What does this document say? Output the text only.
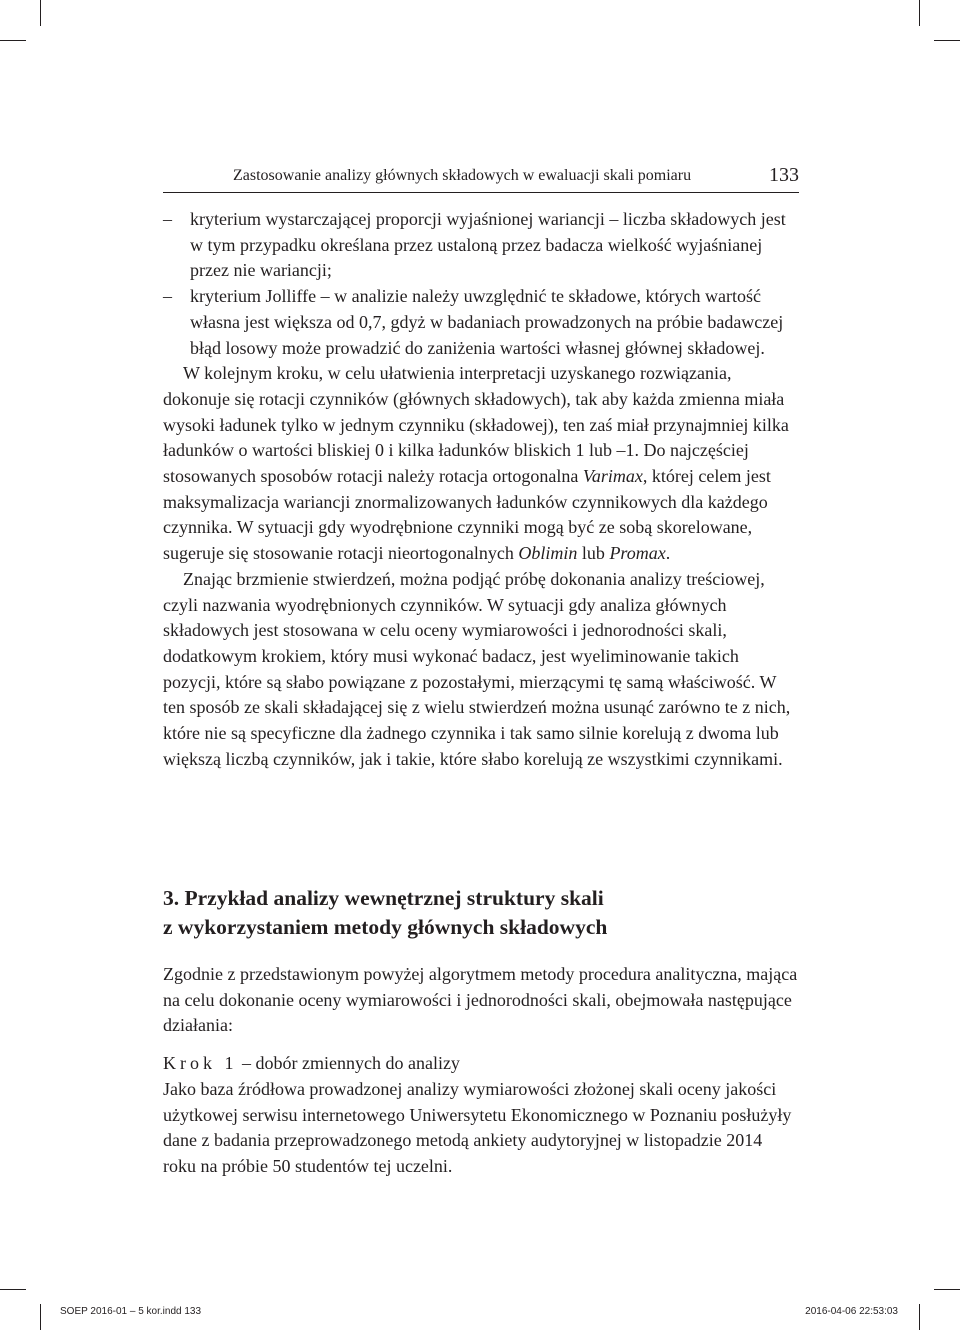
Zastosowanie analizy głównych składowych w ewaluacji skali pomiaru	133
– kryterium wystarczającej proporcji wyjaśnionej wariancji – liczba składowych jest w tym przypadku określana przez ustaloną przez badacza wielkość wyjaśnianej przez nie wariancji;

– kryterium Jolliffe – w analizie należy uwzględnić te składowe, których wartość własna jest większa od 0,7, gdyż w badaniach prowadzonych na próbie badawczej błąd losowy może prowadzić do zaniżenia wartości własnej głównej składowej.

W kolejnym kroku, w celu ułatwienia interpretacji uzyskanego rozwiązania, dokonuje się rotacji czynników (głównych składowych), tak aby każda zmienna miała wysoki ładunek tylko w jednym czynniku (składowej), ten zaś miał przynajmniej kilka ładunków o wartości bliskiej 0 i kilka ładunków bliskich 1 lub –1. Do najczęściej stosowanych sposobów rotacji należy rotacja ortogonalna Varimax, której celem jest maksymalizacja wariancji znormalizowanych ładunków czynnikowych dla każdego czynnika. W sytuacji gdy wyodrębnione czynniki mogą być ze sobą skorelowane, sugeruje się stosowanie rotacji nieortogonalnych Oblimin lub Promax.

Znając brzmienie stwierdzeń, można podjąć próbę dokonania analizy treściowej, czyli nazwania wyodrębnionych czynników. W sytuacji gdy analiza głównych składowych jest stosowana w celu oceny wymiarowości i jednorodności skali, dodatkowym krokiem, który musi wykonać badacz, jest wyeliminowanie takich pozycji, które są słabo powiązane z pozostałymi, mierzącymi tę samą właściwość. W ten sposób ze skali składającej się z wielu stwierdzeń można usunąć zarówno te z nich, które nie są specyficzne dla żadnego czynnika i tak samo silnie korelują z dwoma lub większą liczbą czynników, jak i takie, które słabo korelują ze wszystkimi czynnikami.

3. Przykład analizy wewnętrznej struktury skali
z wykorzystaniem metody głównych składowych

Zgodnie z przedstawionym powyżej algorytmem metody procedura analityczna, mająca na celu dokonanie oceny wymiarowości i jednorodności skali, obejmowała następujące działania:

Krok 1 – dobór zmiennych do analizy

Jako baza źródłowa prowadzonej analizy wymiarowości złożonej skali oceny jakości użytkowej serwisu internetowego Uniwersytetu Ekonomicznego w Poznaniu posłużyły dane z badania przeprowadzonego metodą ankiety audytoryjnej w listopadzie 2014 roku na próbie 50 studentów tej uczelni.

SOEP 2016-01 – 5 kor.indd 133	2016-04-06 22:53:03
